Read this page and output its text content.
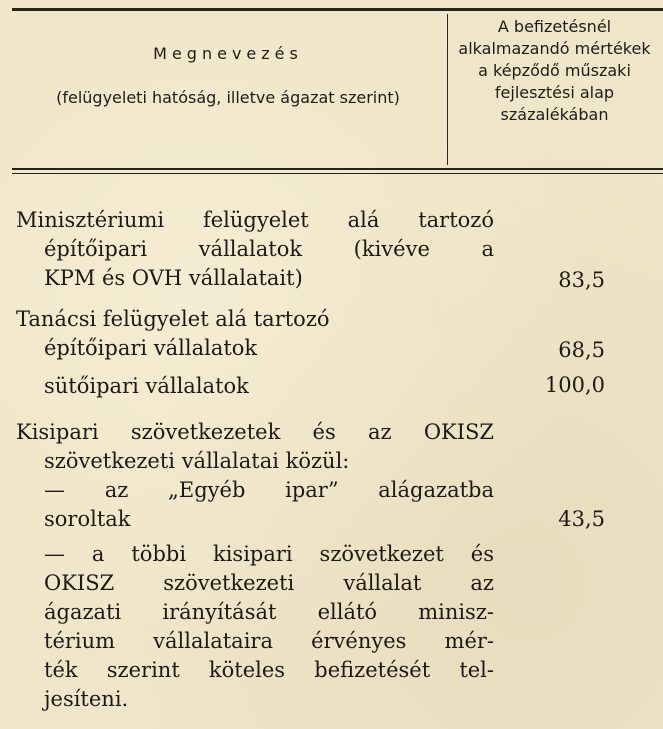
Megnevezés
(felügyeleti hatóság, illetve ágazat szerint)
A befizetésnél alkalmazandó mértékek a képződő műszaki fejlesztési alap százalékában
Minisztériumi felügyelet alá tartozó
építőipari vállalatok (kivéve a
KPM és OVH vállalatait)	83,5
Tanácsi felügyelet alá tartozó
építőipari vállalatok	68,5
sütőipari vállalatok	100,0
Kisipari szövetkezetek és az OKISZ
szövetkezeti vállalatai közül:
— az „Egyéb ipar” alágazatba
soroltak	43,5
— a többi kisipari szövetkezet és
OKISZ szövetkezeti vállalat az
ágazati irányítását ellátó minisz-
térium vállalataira érvényes mér-
ték szerint köteles befizetését tel-
jesíteni.
